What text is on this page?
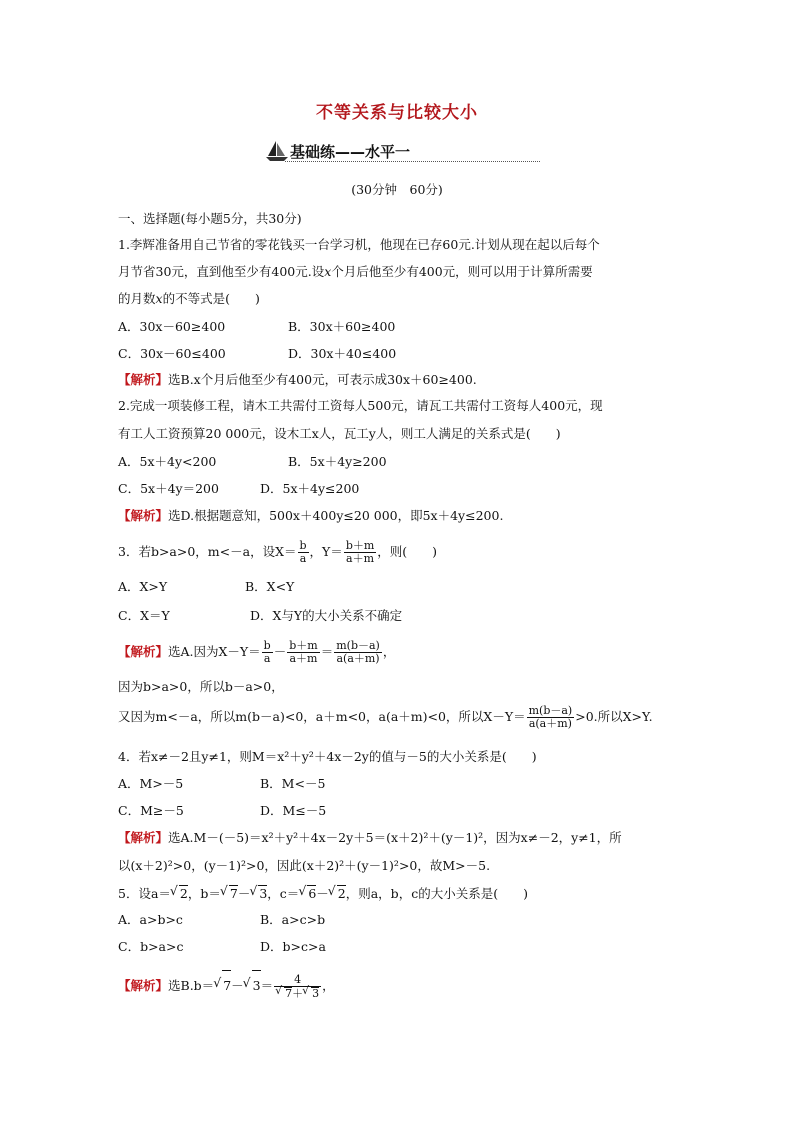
不等关系与比较大小
基础练——水平一
(30分钟　60分)
一、选择题(每小题5分，共30分)
1.李辉准备用自己节省的零花钱买一台学习机，他现在已存60元.计划从现在起以后每个
月节省30元，直到他至少有400元.设x个月后他至少有400元，则可以用于计算所需要
的月数x的不等式是(　　)
A．30x－60≥400	B．30x＋60≥400
C．30x－60≤400	D．30x＋40≤400
【解析】选B.x个月后他至少有400元，可表示成30x＋60≥400.
2.完成一项装修工程，请木工共需付工资每人500元，请瓦工共需付工资每人400元，现
有工人工资预算20 000元，设木工x人，瓦工y人，则工人满足的关系式是(　　)
A．5x＋4y<200	B．5x＋4y≥200
C．5x＋4y＝200	D．5x＋4y≤200
【解析】选D.根据题意知，500x＋400y≤20 000，即5x＋4y≤200.
3．若b>a>0，m<－a，设$X= \frac{b}{a}$ ，$Y= \frac{b+m}{a+m}$ ，则(　　)
A．X>Y	B．X<Y
C．X＝Y	D．X与Y的大小关系不确定
【解析】选A.因为$X-Y= \frac{b}{a} - \frac{b+m}{a+m} = \frac{m(b-a)}{a(a+m)}$ ，
因为b>a>0，所以b－a>0，
又因为m<－a，所以m(b－a)<0，a＋m<0，a(a＋m)<0，所以$X-Y= \frac{m(b-a)}{a(a+m)} >0$.所以X>Y.
4．若x≠－2且y≠1，则M＝x²＋y²＋4x－2y的值与－5的大小关系是(　　)
A．M>－5	B．M<－5
C．M≥－5	D．M≤－5
【解析】选A.M－(－5)＝x²＋y²＋4x－2y＋5＝(x＋2)²＋(y－1)²，因为x≠－2，y≠1，所
以(x＋2)²>0，(y－1)²>0，因此(x＋2)²＋(y－1)²>0，故M>－5.
5．设a＝ √ 2，b＝ √ 7－ √ 3，c＝ √ 6－ √ 2，则a，b，c的大小关系是(　　)
A．a>b>c	B．a>c>b
C．b>a>c	D．b>c>a
【解析】选B.b＝ √ 7－ √ 3＝ 4
√ 7＋ √ 3 ，
